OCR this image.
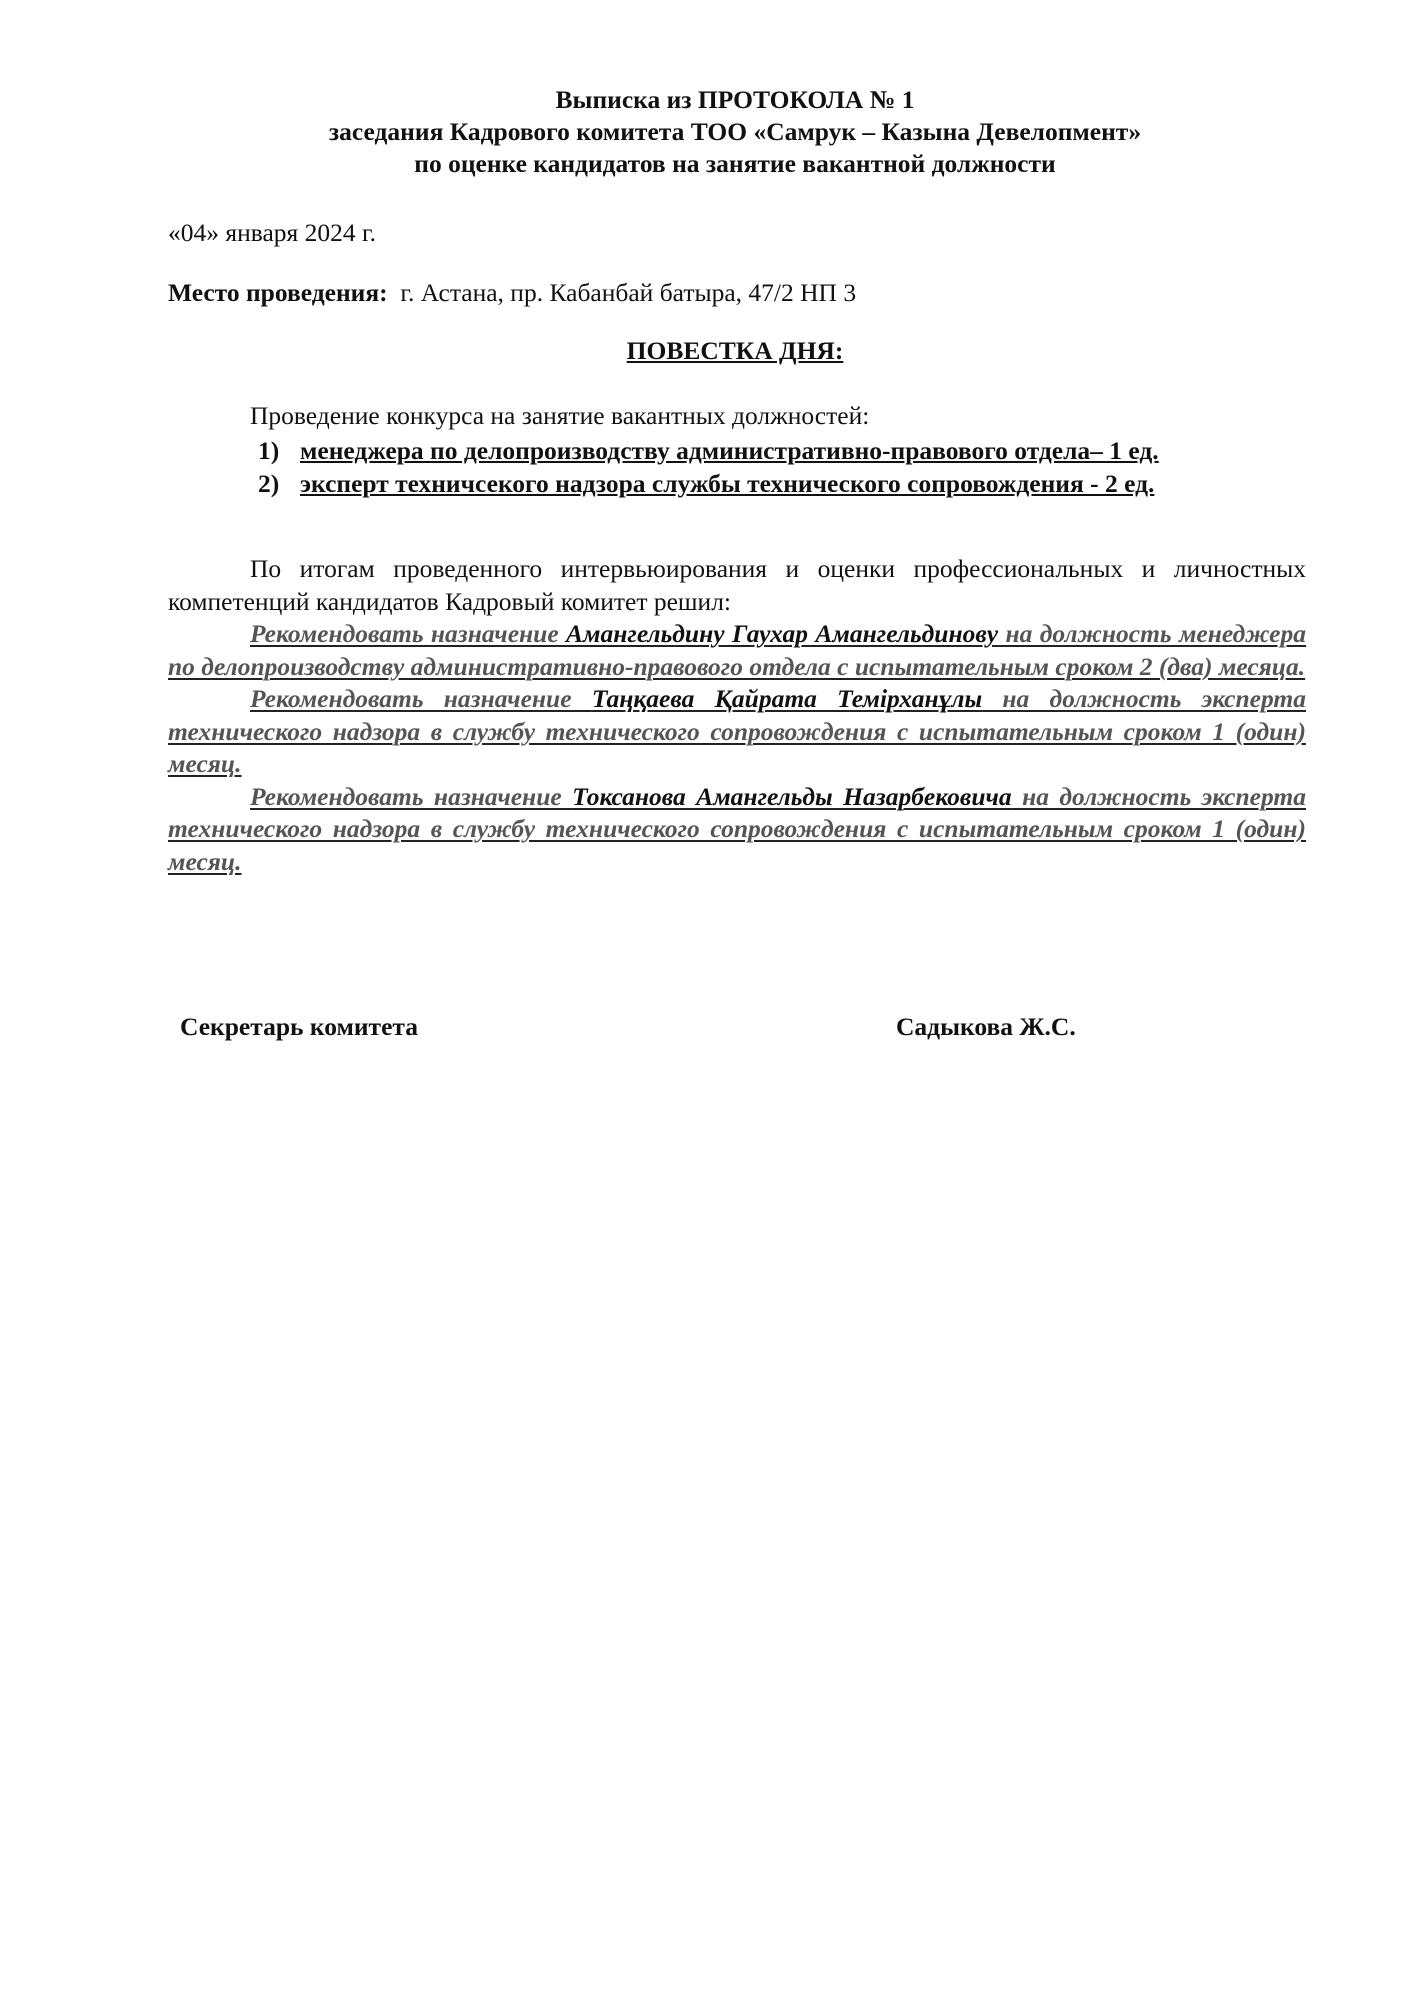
Выписка из ПРОТОКОЛА № 1
заседания Кадрового комитета ТОО «Самрук – Казына Девелопмент»
по оценке кандидатов на занятие вакантной должности
«04» января 2024 г.
Место проведения: г. Астана, пр. Кабанбай батыра, 47/2 НП 3
ПОВЕСТКА ДНЯ:
Проведение конкурса на занятие вакантных должностей:
1) менеджера по делопроизводству административно-правового отдела– 1 ед.
2) эксперт техничсекого надзора службы технического сопровождения - 2 ед.
По итогам проведенного интервьюирования и оценки профессиональных и личностных компетенций кандидатов Кадровый комитет решил:
Рекомендовать назначение Амангельдину Гаухар Амангельдинову на должность менеджера по делопроизводству административно-правового отдела с испытательным сроком 2 (два) месяца.
Рекомендовать назначение Таңқаева Қайрата Темірханұлы на должность эксперта технического надзора в службу технического сопровождения с испытательным сроком 1 (один) месяц.
Рекомендовать назначение Токсанова Амангельды Назарбековича на должность эксперта технического надзора в службу технического сопровождения с испытательным сроком 1 (один) месяц.
Секретарь комитета	Садыкова Ж.С.
